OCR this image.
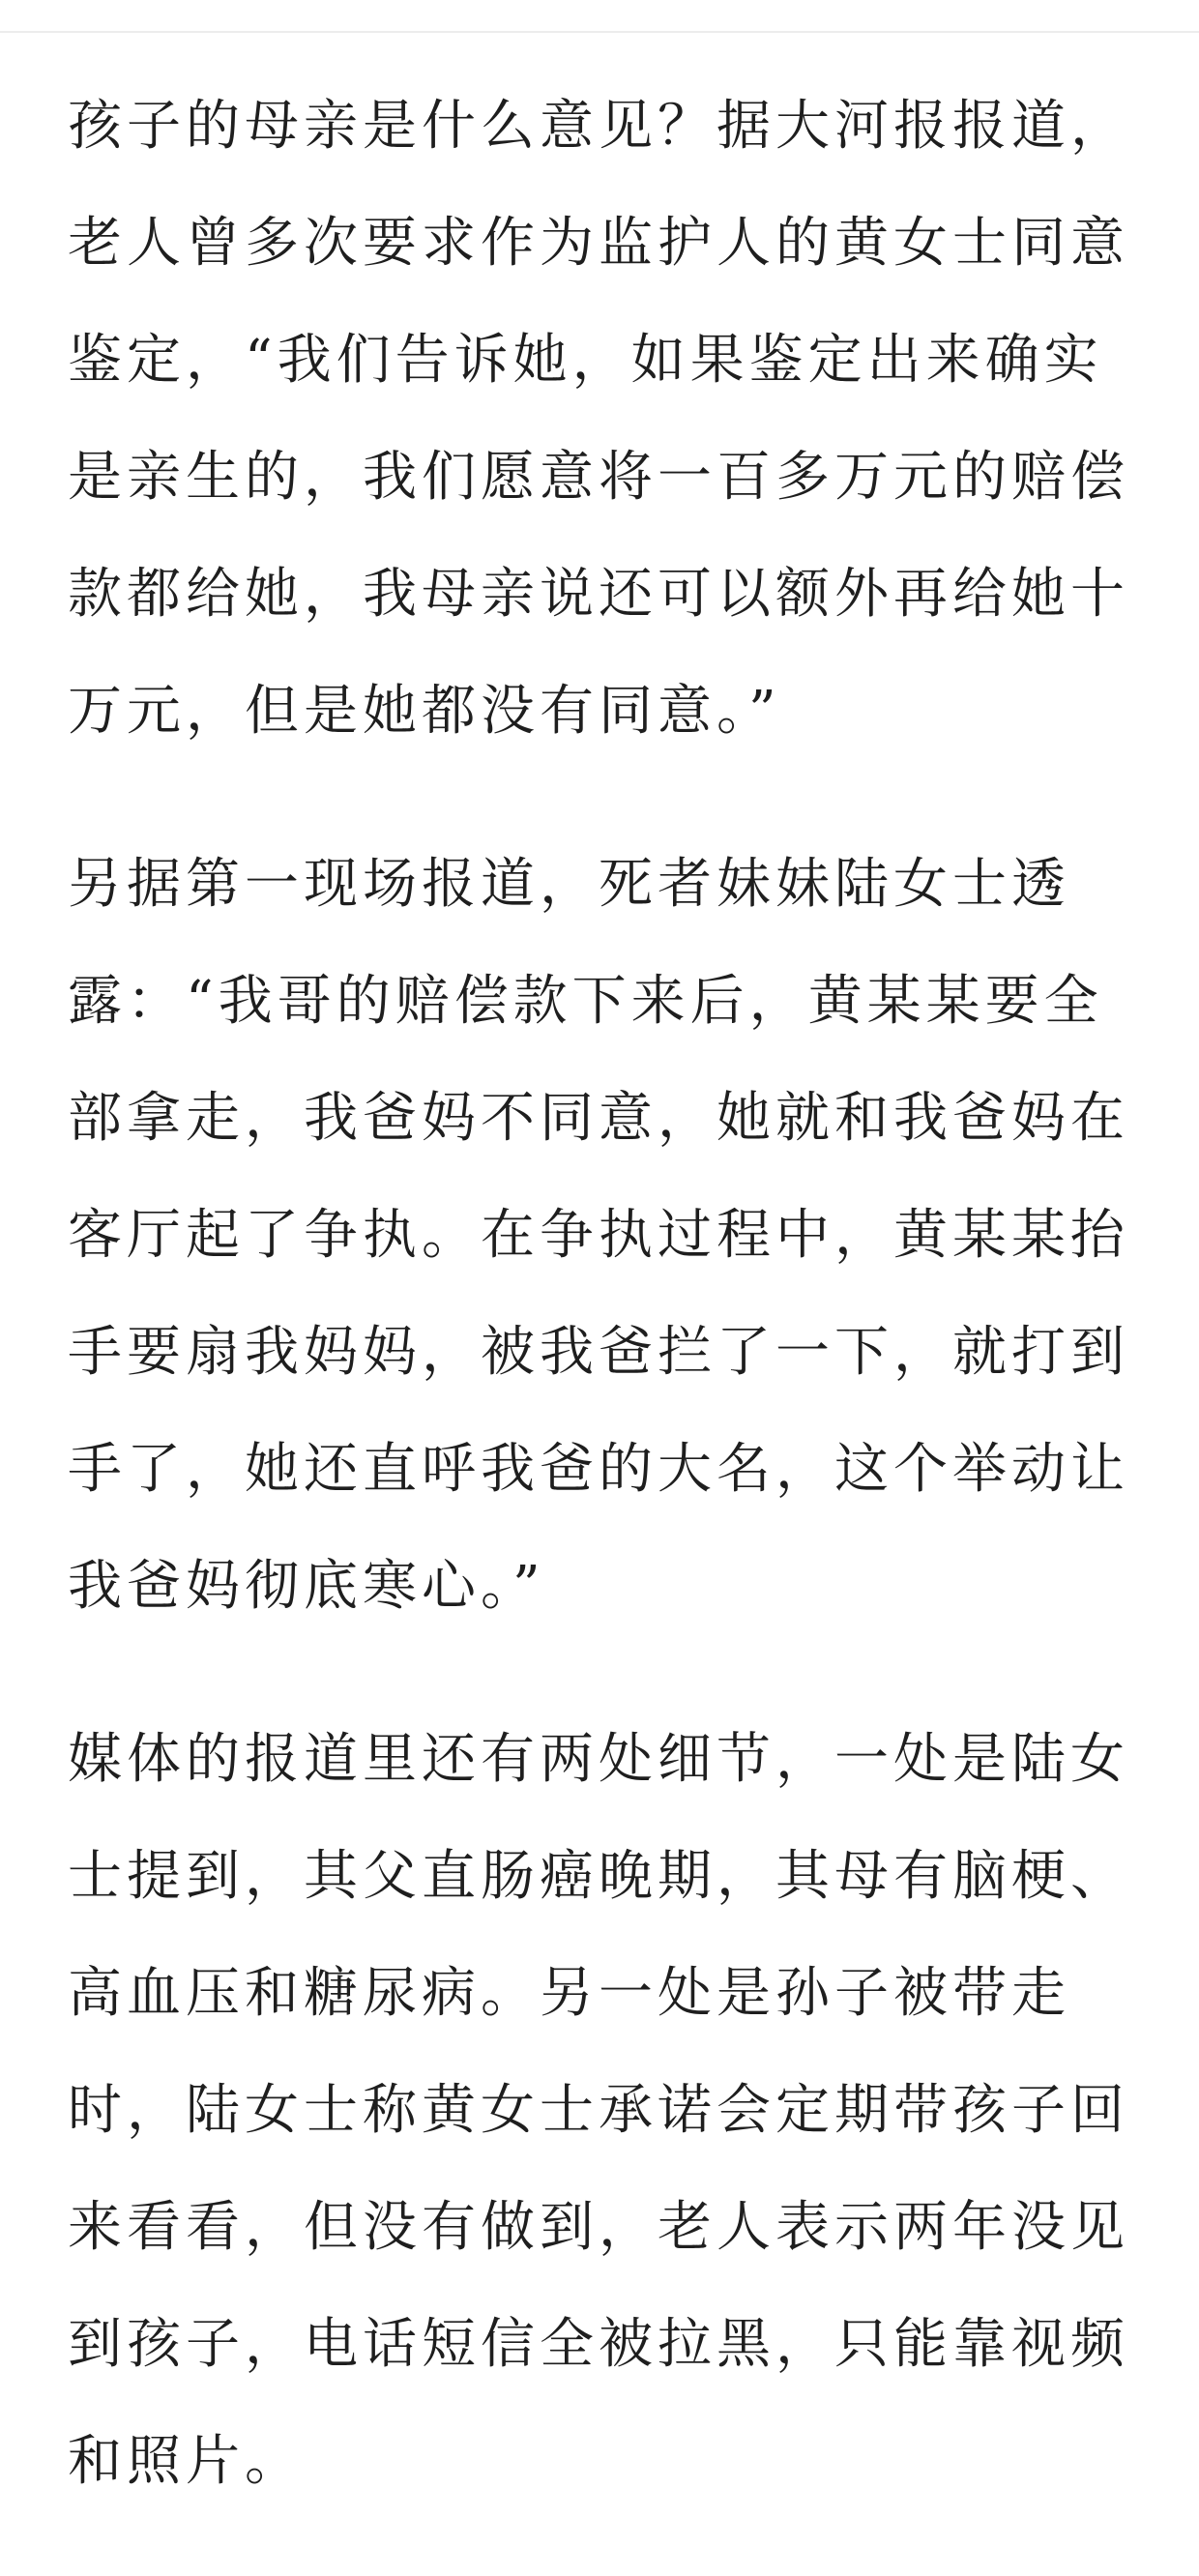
孩子的母亲是什么意见？据大河报报道，
老人曾多次要求作为监护人的黄女士同意
鉴定，“我们告诉她，如果鉴定出来确实
是亲生的，我们愿意将一百多万元的赔偿
款都给她，我母亲说还可以额外再给她十
万元，但是她都没有同意。”

另据第一现场报道，死者妹妹陆女士透
露：“我哥的赔偿款下来后，黄某某要全
部拿走，我爸妈不同意，她就和我爸妈在
客厅起了争执。在争执过程中，黄某某抬
手要扇我妈妈，被我爸拦了一下，就打到
手了，她还直呼我爸的大名，这个举动让
我爸妈彻底寒心。”

媒体的报道里还有两处细节，一处是陆女
士提到，其父直肠癌晚期，其母有脑梗、
高血压和糖尿病。另一处是孙子被带走
时，陆女士称黄女士承诺会定期带孩子回
来看看，但没有做到，老人表示两年没见
到孩子，电话短信全被拉黑，只能靠视频
和照片。
